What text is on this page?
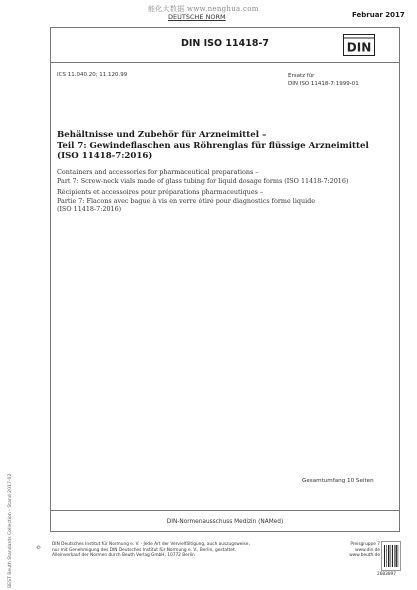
能化大数据 www.nenghua.com
DEUTSCHE NORM	Februar 2017
DIN ISO 11418-7	DIN
ICS 11.040.20; 11.120.99	Ersatz für
DIN ISO 11418-7:1999-01
Behältnisse und Zubehör für Arzneimittel –
Teil 7: Gewindeflaschen aus Röhrenglas für flüssige Arzneimittel
(ISO 11418-7:2016)
Containers and accessories for pharmaceutical preparations –
Part 7: Screw-neck vials made of glass tubing for liquid dosage forms (ISO 11418-7:2016)
Récipients et accessoires pour préparations pharmaceutiques –
Partie 7: Flacons avec bague à vis en verre étiré pour diagnostics forme liquide
(ISO 11418-7:2016)
Gesamtumfang 10 Seiten
DIN-Normenausschuss Medizin (NAMed)
©
DIN Deutsches Institut für Normung e. V. · Jede Art der Vervielfältigung, auch auszugsweise,
nur mit Genehmigung des DIN Deutsches Institut für Normung e. V., Berlin, gestattet.
Alleinverkauf der Normen durch Beuth Verlag GmbH, 10772 Berlin
Preisgruppe 7
www.din.de
www.beuth.de
2603097
BEST Beuth Standards Collection - Stand 2017-02
